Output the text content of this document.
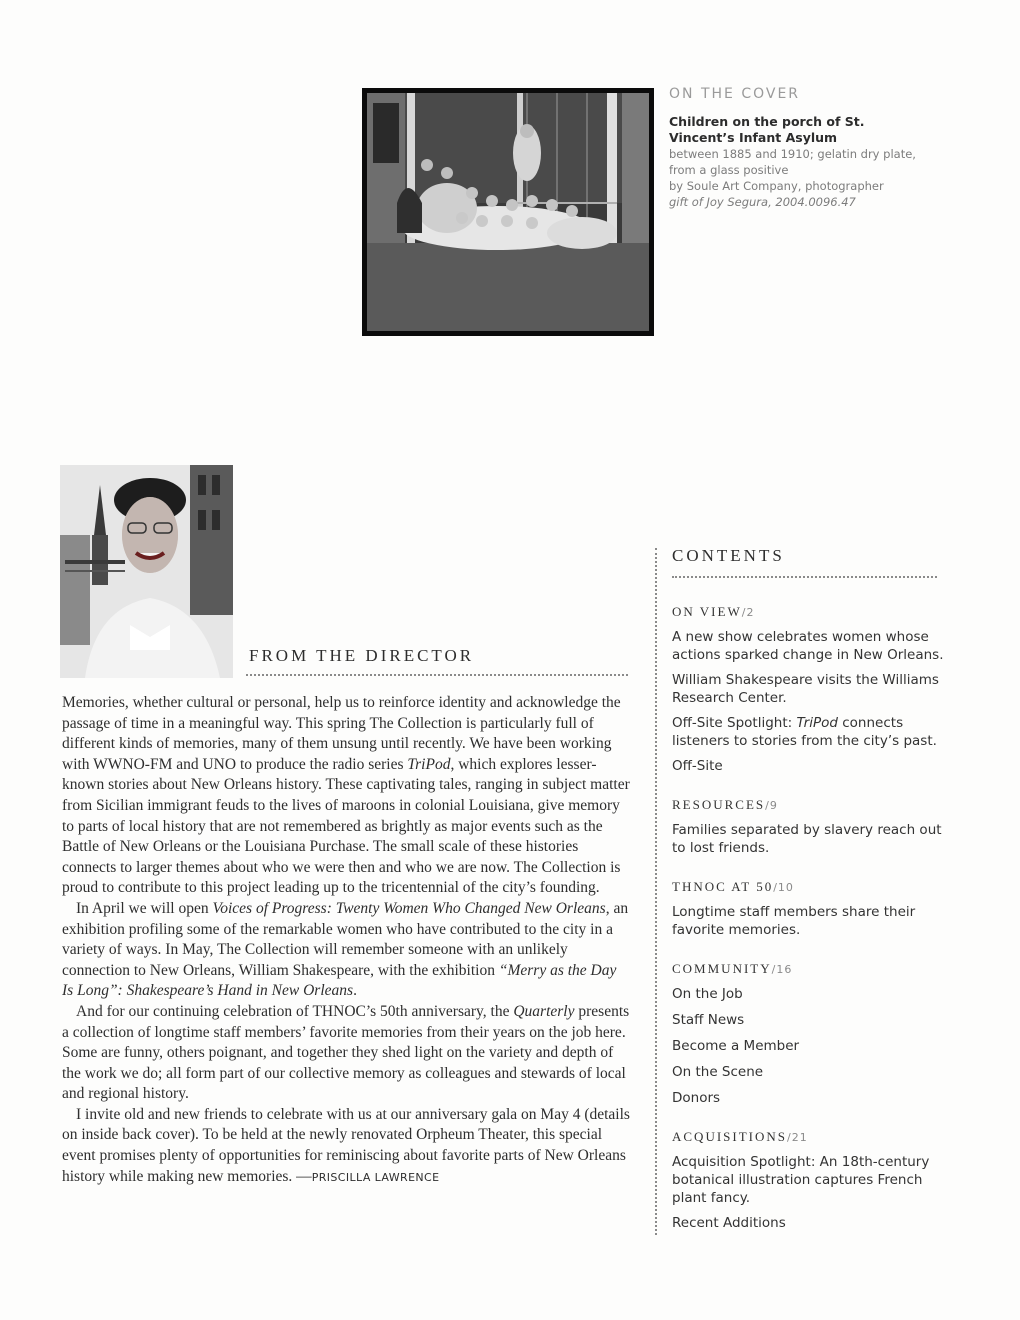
ON THE COVER
Children on the porch of St. Vincent’s Infant Asylum
between 1885 and 1910; gelatin dry plate,
from a glass positive
by Soule Art Company, photographer
gift of Joy Segura, 2004.0096.47
FROM THE DIRECTOR

Memories, whether cultural or personal, help us to reinforce identity and acknowledge the passage of time in a meaningful way. This spring The Collection is particularly full of different kinds of memories, many of them unsung until recently. We have been working with WWNO-FM and UNO to produce the radio series TriPod, which explores lesser-known stories about New Orleans history. These captivating tales, ranging in subject matter from Sicilian immigrant feuds to the lives of maroons in colonial Louisiana, give memory to parts of local history that are not remembered as brightly as major events such as the Battle of New Orleans or the Louisiana Purchase. The small scale of these histories connects to larger themes about who we were then and who we are now. The Collection is proud to contribute to this project leading up to the tricentennial of the city’s founding.

In April we will open Voices of Progress: Twenty Women Who Changed New Orleans, an exhibition profiling some of the remarkable women who have contributed to the city in a variety of ways. In May, The Collection will remember someone with an unlikely connection to New Orleans, William Shakespeare, with the exhibition “Merry as the Day Is Long”: Shakespeare’s Hand in New Orleans.

And for our continuing celebration of THNOC’s 50th anniversary, the Quarterly presents a collection of longtime staff members’ favorite memories from their years on the job here. Some are funny, others poignant, and together they shed light on the variety and depth of the work we do; all form part of our collective memory as colleagues and stewards of local and regional history.

I invite old and new friends to celebrate with us at our anniversary gala on May 4 (details on inside back cover). To be held at the newly renovated Orpheum Theater, this special event promises plenty of opportunities for reminiscing about favorite parts of New Orleans history while making new memories. —PRISCILLA LAWRENCE

CONTENTS
ON VIEW/2
A new show celebrates women whose actions sparked change in New Orleans.
William Shakespeare visits the Williams Research Center.
Off-Site Spotlight: TriPod connects listeners to stories from the city’s past.
Off-Site
RESOURCES/9
Families separated by slavery reach out to lost friends.
THNOC AT 50/10
Longtime staff members share their favorite memories.
COMMUNITY/16
On the Job
Staff News
Become a Member
On the Scene
Donors
ACQUISITIONS/21
Acquisition Spotlight: An 18th-century botanical illustration captures French plant fancy.
Recent Additions
